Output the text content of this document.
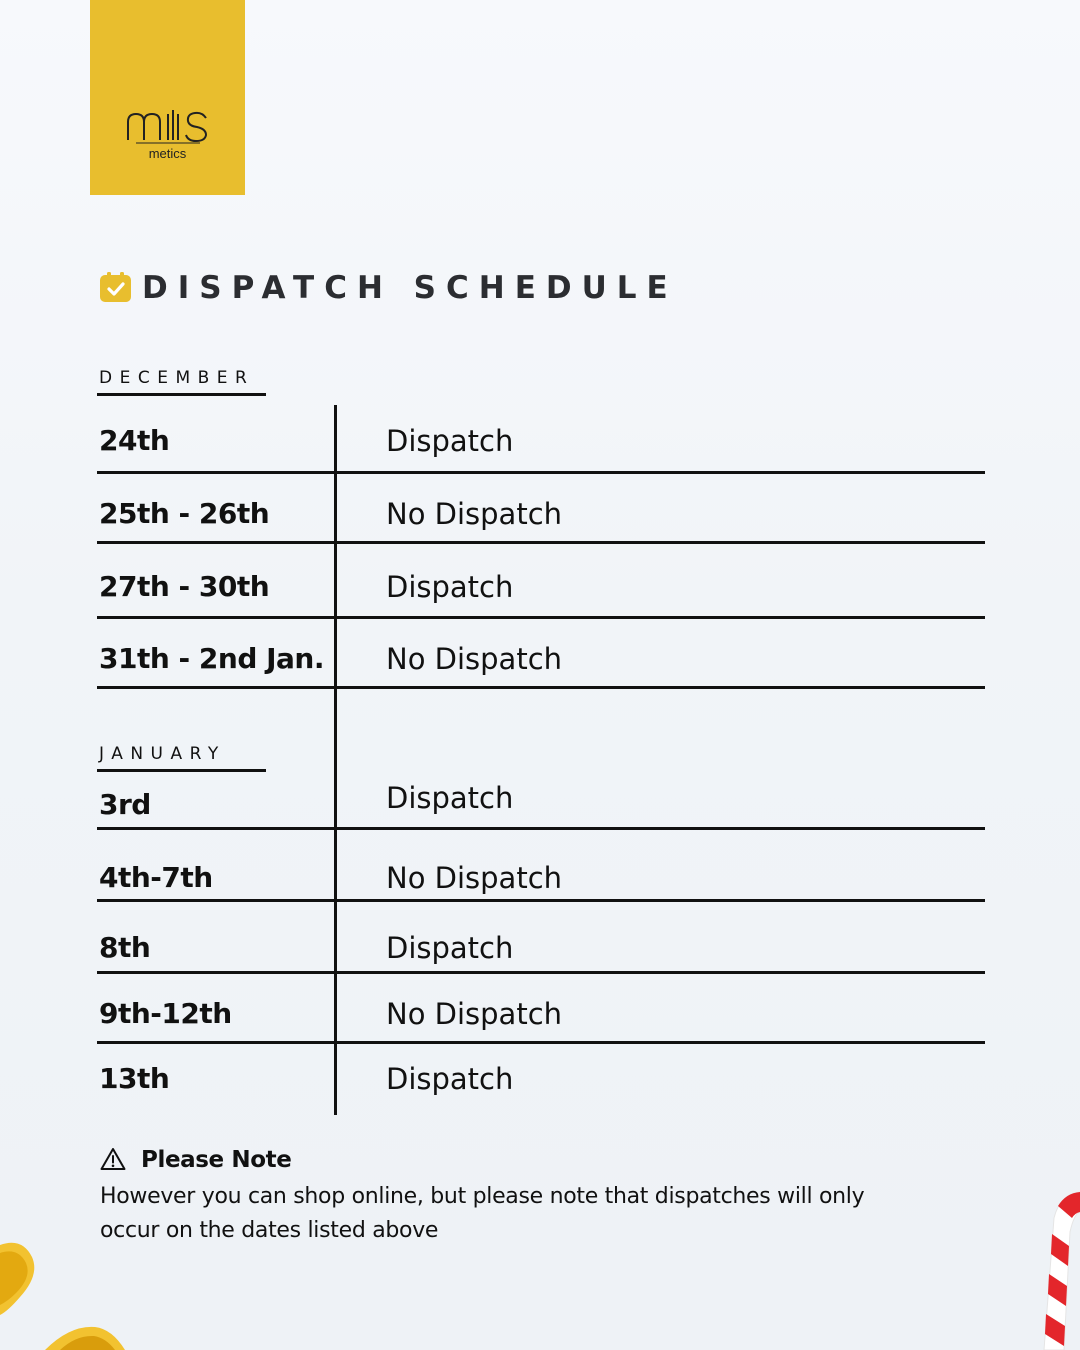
metics
DISPATCH SCHEDULE
DECEMBER
JANUARY
24th	Dispatch
25th - 26th	No Dispatch
27th - 30th	Dispatch
31th - 2nd Jan. No Dispatch
3rd	Dispatch
4th-7th	No Dispatch
8th	Dispatch
9th-12th	No Dispatch
13th	Dispatch
Please Note

However you can shop online, but please note that dispatches will only occur on the dates listed above
